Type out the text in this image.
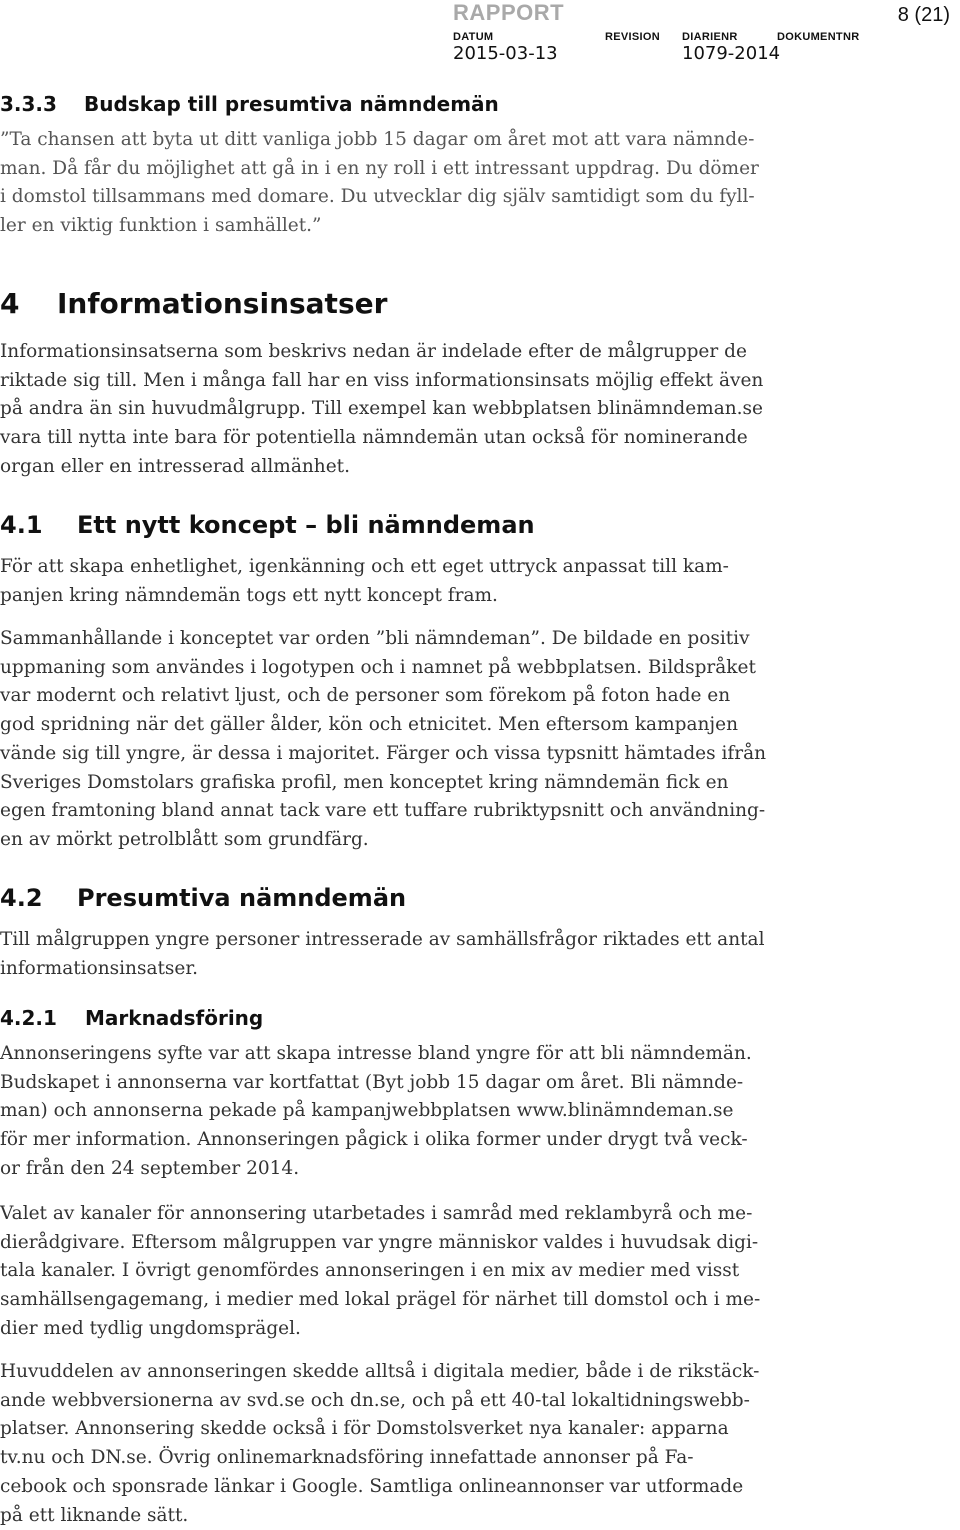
RAPPORT	8 (21)
DATUM	REVISION DIARIENR	DOKUMENTNR
2015-03-13	1079-2014
3.3.3 Budskap till presumtiva nämndemän
”Ta chansen att byta ut ditt vanliga jobb 15 dagar om året mot att vara nämnde-
man. Då får du möjlighet att gå in i en ny roll i ett intressant uppdrag. Du dömer
i domstol tillsammans med domare. Du utvecklar dig själv samtidigt som du fyll-
ler en viktig funktion i samhället.”
4 Informationsinsatser
Informationsinsatserna som beskrivs nedan är indelade efter de målgrupper de
riktade sig till. Men i många fall har en viss informationsinsats möjlig effekt även
på andra än sin huvudmålgrupp. Till exempel kan webbplatsen blinämndeman.se
vara till nytta inte bara för potentiella nämndemän utan också för nominerande
organ eller en intresserad allmänhet.
4.1 Ett nytt koncept – bli nämndeman
För att skapa enhetlighet, igenkänning och ett eget uttryck anpassat till kam-
panjen kring nämndemän togs ett nytt koncept fram.
Sammanhållande i konceptet var orden ”bli nämndeman”. De bildade en positiv
uppmaning som användes i logotypen och i namnet på webbplatsen. Bildspråket
var modernt och relativt ljust, och de personer som förekom på foton hade en
god spridning när det gäller ålder, kön och etnicitet. Men eftersom kampanjen
vände sig till yngre, är dessa i majoritet. Färger och vissa typsnitt hämtades ifrån
Sveriges Domstolars grafiska profil, men konceptet kring nämndemän fick en
egen framtoning bland annat tack vare ett tuffare rubriktypsnitt och användning-
en av mörkt petrolblått som grundfärg.
4.2 Presumtiva nämndemän
Till målgruppen yngre personer intresserade av samhällsfrågor riktades ett antal
informationsinsatser.
4.2.1 Marknadsföring
Annonseringens syfte var att skapa intresse bland yngre för att bli nämndemän.
Budskapet i annonserna var kortfattat (Byt jobb 15 dagar om året. Bli nämnde-
man) och annonserna pekade på kampanjwebbplatsen www.blinämndeman.se
för mer information. Annonseringen pågick i olika former under drygt två veck-
or från den 24 september 2014.
Valet av kanaler för annonsering utarbetades i samråd med reklambyrå och me-
dierådgivare. Eftersom målgruppen var yngre människor valdes i huvudsak digi-
tala kanaler. I övrigt genomfördes annonseringen i en mix av medier med visst
samhällsengagemang, i medier med lokal prägel för närhet till domstol och i me-
dier med tydlig ungdomsprägel.
Huvuddelen av annonseringen skedde alltså i digitala medier, både i de rikstäck-
ande webbversionerna av svd.se och dn.se, och på ett 40-tal lokaltidningswebb-
platser. Annonsering skedde också i för Domstolsverket nya kanaler: apparna
tv.nu och DN.se. Övrig onlinemarknadsföring innefattade annonser på Fa-
cebook och sponsrade länkar i Google. Samtliga onlineannonser var utformade
på ett liknande sätt.
